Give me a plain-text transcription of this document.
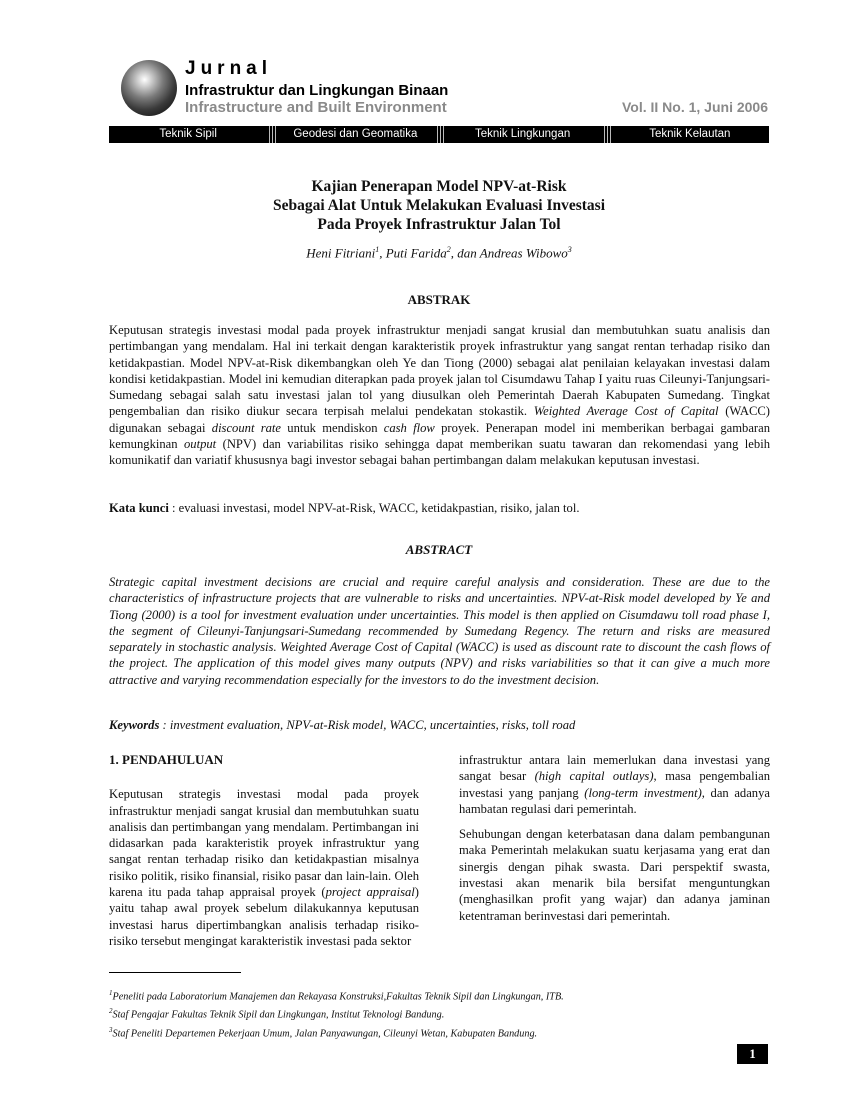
Jurnal
Infrastruktur dan Lingkungan Binaan
Infrastructure and Built Environment	Vol. II No. 1, Juni 2006
Teknik Sipil	Geodesi dan Geomatika	Teknik Lingkungan	Teknik Kelautan
Kajian Penerapan Model NPV-at-Risk
Sebagai Alat Untuk Melakukan Evaluasi Investasi
Pada Proyek Infrastruktur Jalan Tol
Heni Fitriani$^1$, Puti Farida$^2$, dan Andreas Wibowo$^3$
ABSTRAK
Keputusan strategis investasi modal pada proyek infrastruktur menjadi sangat krusial dan membutuhkan suatu analisis dan pertimbangan yang mendalam. Hal ini terkait dengan karakteristik proyek infrastruktur yang sangat rentan terhadap risiko dan ketidakpastian. Model NPV-at-Risk dikembangkan oleh Ye dan Tiong (2000) sebagai alat penilaian kelayakan investasi dalam kondisi ketidakpastian. Model ini kemudian diterapkan pada proyek jalan tol Cisumdawu Tahap I yaitu ruas Cileunyi-Tanjungsari-Sumedang sebagai salah satu investasi jalan tol yang diusulkan oleh Pemerintah Daerah Kabupaten Sumedang. Tingkat pengembalian dan risiko diukur secara terpisah melalui pendekatan stokastik. Weighted Average Cost of Capital (WACC) digunakan sebagai discount rate untuk mendiskon cash flow proyek. Penerapan model ini memberikan berbagai gambaran kemungkinan output (NPV) dan variabilitas risiko sehingga dapat memberikan suatu tawaran dan rekomendasi yang lebih komunikatif dan variatif khususnya bagi investor sebagai bahan pertimbangan dalam melakukan keputusan investasi.
Kata kunci : evaluasi investasi, model NPV-at-Risk, WACC, ketidakpastian, risiko, jalan tol.
ABSTRACT
Strategic capital investment decisions are crucial and require careful analysis and consideration. These are due to the characteristics of infrastructure projects that are vulnerable to risks and uncertainties. NPV-at-Risk model developed by Ye and Tiong (2000) is a tool for investment evaluation under uncertainties. This model is then applied on Cisumdawu toll road phase I, the segment of Cileunyi-Tanjungsari-Sumedang recommended by Sumedang Regency. The return and risks are measured separately in stochastic analysis. Weighted Average Cost of Capital (WACC) is used as discount rate to discount the cash flows of the project. The application of this model gives many outputs (NPV) and risks variabilities so that it can give a much more attractive and varying recommendation especially for the investors to do the investment decision.
Keywords : investment evaluation, NPV-at-Risk model, WACC, uncertainties, risks, toll road

1. PENDAHULUAN

Keputusan strategis investasi modal pada proyek infrastruktur menjadi sangat krusial dan membutuhkan suatu analisis dan pertimbangan yang mendalam. Pertimbangan ini didasarkan pada karakteristik proyek infrastruktur yang sangat rentan terhadap risiko dan ketidakpastian misalnya risiko politik, risiko finansial, risiko pasar dan lain-lain. Oleh karena itu pada tahap appraisal proyek (project appraisal) yaitu tahap awal proyek sebelum dilakukannya keputusan investasi harus dipertimbangkan analisis terhadap risiko-risiko tersebut mengingat karakteristik investasi pada sektor

infrastruktur antara lain memerlukan dana investasi yang sangat besar (high capital outlays), masa pengembalian investasi yang panjang (long-term investment), dan adanya hambatan regulasi dari pemerintah.

Sehubungan dengan keterbatasan dana dalam pembangunan maka Pemerintah melakukan suatu kerjasama yang erat dan sinergis dengan pihak swasta. Dari perspektif swasta, investasi akan menarik bila bersifat menguntungkan (menghasilkan profit yang wajar) dan adanya jaminan ketentraman berinvestasi dari pemerintah.

$^1$Peneliti pada Laboratorium Manajemen dan Rekayasa Konstruksi,Fakultas Teknik Sipil dan Lingkungan, ITB.
$^2$Staf Pengajar Fakultas Teknik Sipil dan Lingkungan, Institut Teknologi Bandung.
$^3$Staf Peneliti Departemen Pekerjaan Umum, Jalan Panyawungan, Cileunyi Wetan, Kabupaten Bandung.
1
